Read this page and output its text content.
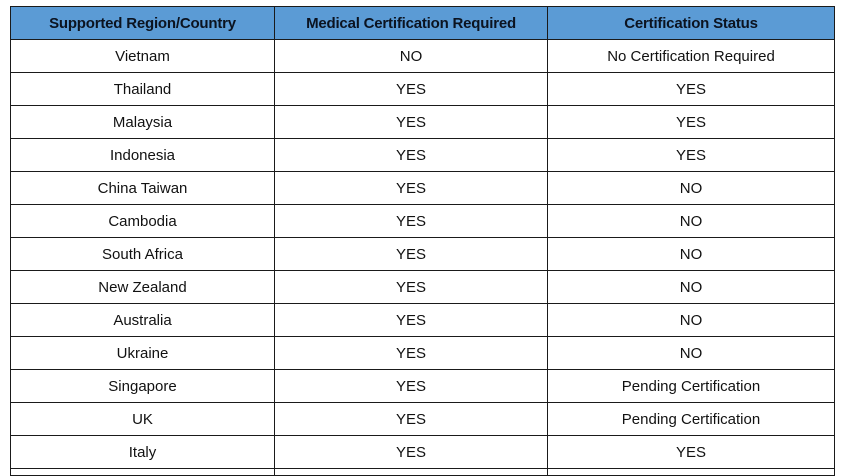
Supported Region/Country	Medical Certification Required	Certification Status
Vietnam	NO	No Certification Required
Thailand	YES	YES
Malaysia	YES	YES
Indonesia	YES	YES
China Taiwan	YES	NO
Cambodia	YES	NO
South Africa	YES	NO
New Zealand	YES	NO
Australia	YES	NO
Ukraine	YES	NO
Singapore	YES	Pending Certification
UK	YES	Pending Certification
Italy	YES	YES
